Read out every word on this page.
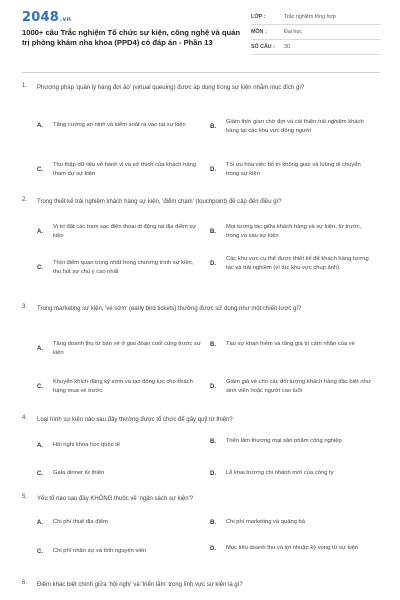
2048.vn
1000+ câu Trắc nghiệm Tổ chức sự kiện, công nghệ và quản trị phòng khám nha khoa (PPD4) có đáp án - Phần 13
LỚP :	Trắc nghiệm tổng hợp
MÔN :	Đại học
SỐ CÂU :	30
1. Phương pháp 'quản lý hàng đợi ảo' (virtual queuing) được áp dụng trong sự kiện nhằm mục đích gì?
A.	Tăng cường an ninh và kiểm soát ra vào tại sự kiện	B.
Giảm thời gian chờ đợi và cải thiện trải nghiệm khách hàng tại các khu vực đông người
C.
Thu thập dữ liệu về hành vi và sở thích của khách hàng tham dự sự kiện
D.
Tối ưu hóa việc bố trí không gian và luồng di chuyển trong sự kiện
2. Trong thiết kế trải nghiệm khách hàng sự kiện, 'điểm chạm' (touchpoint) đề cập đến điều gì?
A.
Vị trí đặt các trạm sạc điện thoại di động tại địa điểm sự kiện
B.
Mọi tương tác giữa khách hàng và sự kiện, từ trước, trong và sau sự kiện
C.
Thời điểm quan trọng nhất trong chương trình sự kiện, thu hút sự chú ý cao nhất
D.
Các khu vực cụ thể được thiết kế để khách hàng tương tác và trải nghiệm (ví dụ: khu vực chụp ảnh)
3. Trong marketing sự kiện, 'vé sớm' (early bird tickets) thường được sử dụng như một chiến lược gì?
A.
Tăng doanh thu từ bán vé ở giai đoạn cuối cùng trước sự kiện
B.	Tạo sự khan hiếm và tăng giá trị cảm nhận của vé
C.
Khuyến khích đăng ký sớm và tạo động lực cho khách hàng mua vé trước
D.
Giảm giá vé cho các đối tượng khách hàng đặc biệt như sinh viên hoặc người cao tuổi
4. Loại hình sự kiện nào sau đây thường được tổ chức để gây quỹ từ thiện?
A.	Hội nghị khoa học quốc tế
B.	Triển lãm thương mại sản phẩm công nghiệp
C.	Gala dinner từ thiện	D.	Lễ khai trương chi nhánh mới của công ty
5. Yếu tố nào sau đây KHÔNG thuộc về 'ngân sách sự kiện'?
A.	Chi phí thuê địa điểm	B.	Chi phí marketing và quảng bá
C.	Chi phí nhân sự và tình nguyện viên	D.	Mục tiêu doanh thu và lợi nhuận kỳ vọng từ sự kiện
6. Điểm khác biệt chính giữa 'hội nghị' và 'triển lãm' trong lĩnh vực sự kiện là gì?
